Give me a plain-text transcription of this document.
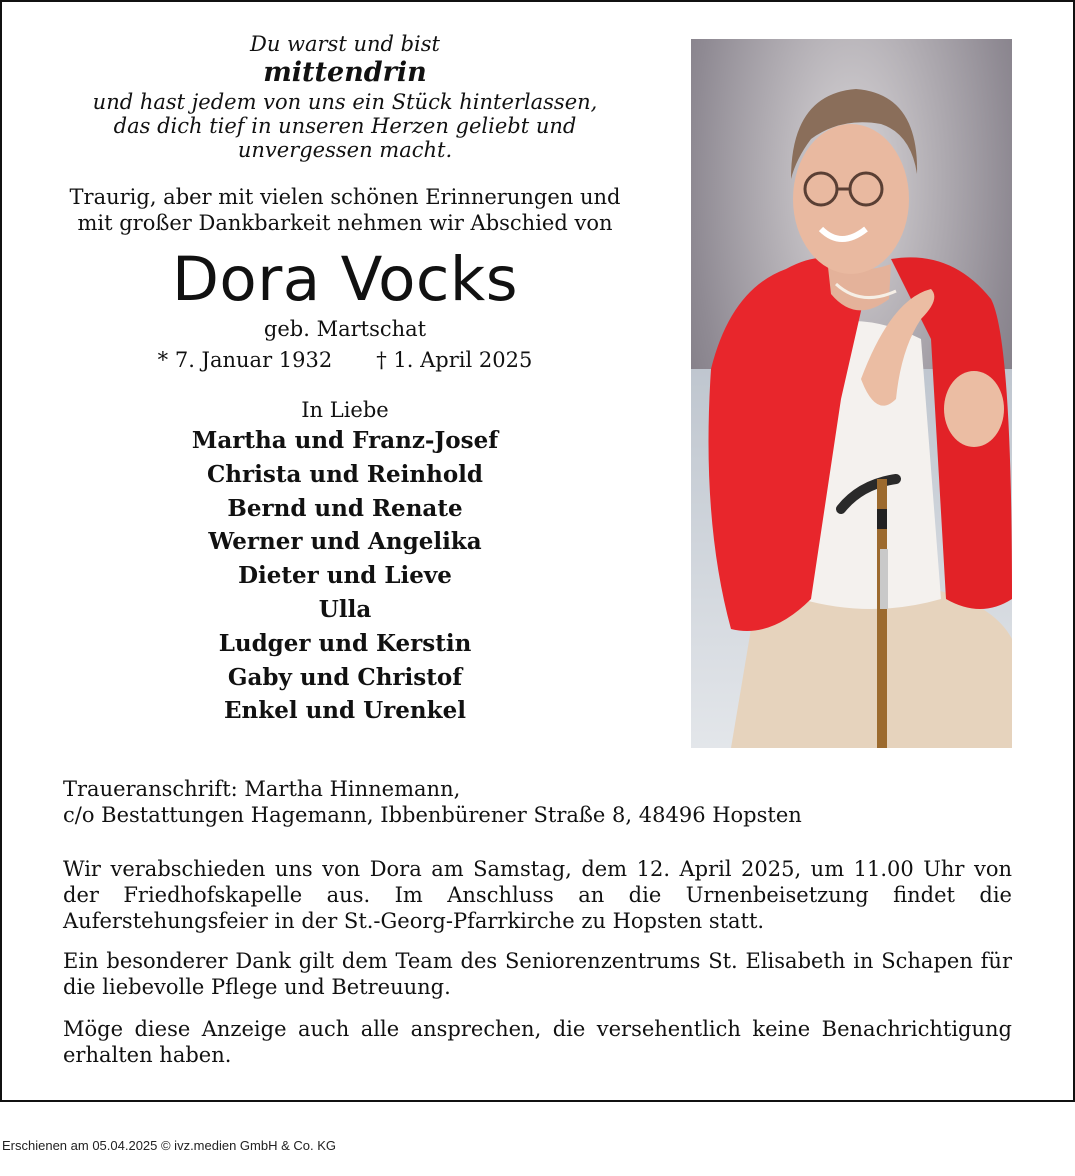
Du warst und bist
mittendrin
und hast jedem von uns ein Stück hinterlassen,
das dich tief in unseren Herzen geliebt und
unvergessen macht.
Traurig, aber mit vielen schönen Erinnerungen und
mit großer Dankbarkeit nehmen wir Abschied von
Dora Vocks
geb. Martschat
* 7. Januar 1932 † 1. April 2025
In Liebe
Martha und Franz-Josef
Christa und Reinhold
Bernd und Renate
Werner und Angelika
Dieter und Lieve
Ulla
Ludger und Kerstin
Gaby und Christof
Enkel und Urenkel
Traueranschrift: Martha Hinnemann,
c/o Bestattungen Hagemann, Ibbenbürener Straße 8, 48496 Hopsten
Wir verabschieden uns von Dora am Samstag, dem 12. April 2025, um 11.00 Uhr von der Friedhofskapelle aus. Im Anschluss an die Urnenbeisetzung findet die Auferstehungsfeier in der St.-Georg-Pfarrkirche zu Hopsten statt.
Ein besonderer Dank gilt dem Team des Seniorenzentrums St. Elisabeth in Schapen für die liebevolle Pflege und Betreuung.
Möge diese Anzeige auch alle ansprechen, die versehentlich keine Benachrichtigung erhalten haben.
Erschienen am 05.04.2025 © ivz.medien GmbH & Co. KG
